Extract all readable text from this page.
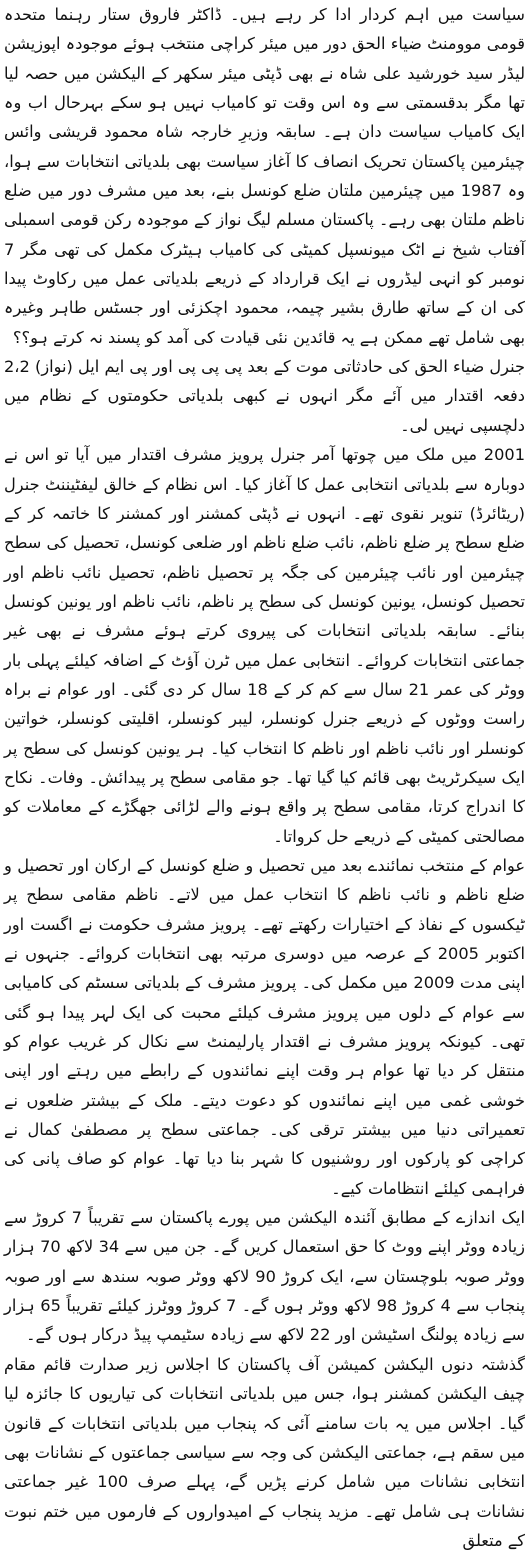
سیاست میں اہم کردار ادا کر رہے ہیں۔ ڈاکٹر فاروق ستار رہنما متحدہ قومی موومنٹ ضیاء الحق دور میں میئر کراچی منتخب ہوئے موجودہ اپوزیشن لیڈر سید خورشید علی شاہ نے بھی ڈپٹی میئر سکھر کے الیکشن میں حصہ لیا تھا مگر بدقسمتی سے وہ اس وقت تو کامیاب نہیں ہو سکے بہرحال اب وہ ایک کامیاب سیاست دان ہے۔ سابقہ وزیرِ خارجہ شاہ محمود قریشی وائس چیئرمین پاکستان تحریک انصاف کا آغاز سیاست بھی بلدیاتی انتخابات سے ہوا، وہ 1987 میں چیئرمین ملتان ضلع کونسل بنے، بعد میں مشرف دور میں ضلع ناظم ملتان بھی رہے۔ پاکستان مسلم لیگ نواز کے موجودہ رکن قومی اسمبلی آفتاب شیخ نے اٹک میونسپل کمیٹی کی کامیاب ہیٹرک مکمل کی تھی مگر 7 نومبر کو انہی لیڈروں نے ایک قرارداد کے ذریعے بلدیاتی عمل میں رکاوٹ پیدا کی ان کے ساتھ طارق بشیر چیمہ، محمود اچکزئی اور جسٹس طاہر وغیرہ بھی شامل تھے ممکن ہے یہ قائدین نئی قیادت کی آمد کو پسند نہ کرتے ہو؟؟

جنرل ضیاء الحق کی حادثاتی موت کے بعد پی پی پی اور پی ایم ایل (نواز) 2،2 دفعہ اقتدار میں آئے مگر انہوں نے کبھی بلدیاتی حکومتوں کے نظام میں دلچسپی نہیں لی۔

2001 میں ملک میں چوتھا آمر جنرل پرویز مشرف اقتدار میں آیا تو اس نے دوبارہ سے بلدیاتی انتخابی عمل کا آغاز کیا۔ اس نظام کے خالق لیفٹیننٹ جنرل (ریٹائرڈ) تنویر نقوی تھے۔ انہوں نے ڈپٹی کمشنر اور کمشنر کا خاتمہ کر کے ضلع سطح پر ضلع ناظم، نائب ضلع ناظم اور ضلعی کونسل، تحصیل کی سطح چیئرمین اور نائب چیئرمین کی جگہ پر تحصیل ناظم، تحصیل نائب ناظم اور تحصیل کونسل، یونین کونسل کی سطح پر ناظم، نائب ناظم اور یونین کونسل بنائے۔ سابقہ بلدیاتی انتخابات کی پیروی کرتے ہوئے مشرف نے بھی غیر جماعتی انتخابات کروائے۔ انتخابی عمل میں ٹرن آؤٹ کے اضافہ کیلئے پہلی بار ووٹر کی عمر 21 سال سے کم کر کے 18 سال کر دی گئی۔ اور عوام نے براہ راست ووٹوں کے ذریعے جنرل کونسلر، لیبر کونسلر، اقلیتی کونسلر، خواتین کونسلر اور نائب ناظم اور ناظم کا انتخاب کیا۔ ہر یونین کونسل کی سطح پر ایک سیکرٹریٹ بھی قائم کیا گیا تھا۔ جو مقامی سطح پر پیدائش۔ وفات۔ نکاح کا اندراج کرتا، مقامی سطح پر واقع ہونے والے لڑائی جھگڑے کے معاملات کو مصالحتی کمیٹی کے ذریعے حل کرواتا۔

عوام کے منتخب نمائندے بعد میں تحصیل و ضلع کونسل کے ارکان اور تحصیل و ضلع ناظم و نائب ناظم کا انتخاب عمل میں لاتے۔ ناظم مقامی سطح پر ٹیکسوں کے نفاذ کے اختیارات رکھتے تھے۔ پرویز مشرف حکومت نے اگست اور اکتوبر 2005 کے عرصہ میں دوسری مرتبہ بھی انتخابات کروائے۔ جنہوں نے اپنی مدت 2009 میں مکمل کی۔ پرویز مشرف کے بلدیاتی سسٹم کی کامیابی سے عوام کے دلوں میں پرویز مشرف کیلئے محبت کی ایک لہر پیدا ہو گئی تھی۔ کیونکہ پرویز مشرف نے اقتدار پارلیمنٹ سے نکال کر غریب عوام کو منتقل کر دیا تھا عوام ہر وقت اپنے نمائندوں کے رابطے میں رہتے اور اپنی خوشی غمی میں اپنے نمائندوں کو دعوت دیتے۔ ملک کے بیشتر ضلعوں نے تعمیراتی دنیا میں بیشتر ترقی کی۔ جماعتی سطح پر مصطفیٰ کمال نے کراچی کو پارکوں اور روشنیوں کا شہر بنا دیا تھا۔ عوام کو صاف پانی کی فراہمی کیلئے انتظامات کیے۔

ایک اندازے کے مطابق آئندہ الیکشن میں پورے پاکستان سے تقریباً 7 کروڑ سے زیادہ ووٹر اپنے ووٹ کا حق استعمال کریں گے۔ جن میں سے 34 لاکھ 70 ہزار ووٹر صوبہ بلوچستان سے، ایک کروڑ 90 لاکھ ووٹر صوبہ سندھ سے اور صوبہ پنجاب سے 4 کروڑ 98 لاکھ ووٹر ہوں گے۔ 7 کروڑ ووٹرز کیلئے تقریباً 65 ہزار سے زیادہ پولنگ اسٹیشن اور 22 لاکھ سے زیادہ سٹیمپ پیڈ درکار ہوں گے۔

گذشتہ دنوں الیکشن کمیشن آف پاکستان کا اجلاس زیر صدارت قائم مقام چیف الیکشن کمشنر ہوا، جس میں بلدیاتی انتخابات کی تیاریوں کا جائزہ لیا گیا۔ اجلاس میں یہ بات سامنے آئی کہ پنجاب میں بلدیاتی انتخابات کے قانون میں سقم ہے، جماعتی الیکشن کی وجہ سے سیاسی جماعتوں کے نشانات بھی انتخابی نشانات میں شامل کرنے پڑیں گے، پہلے صرف 100 غیر جماعتی نشانات ہی شامل تھے۔ مزید پنجاب کے امیدواروں کے فارموں میں ختم نبوت کے متعلق
